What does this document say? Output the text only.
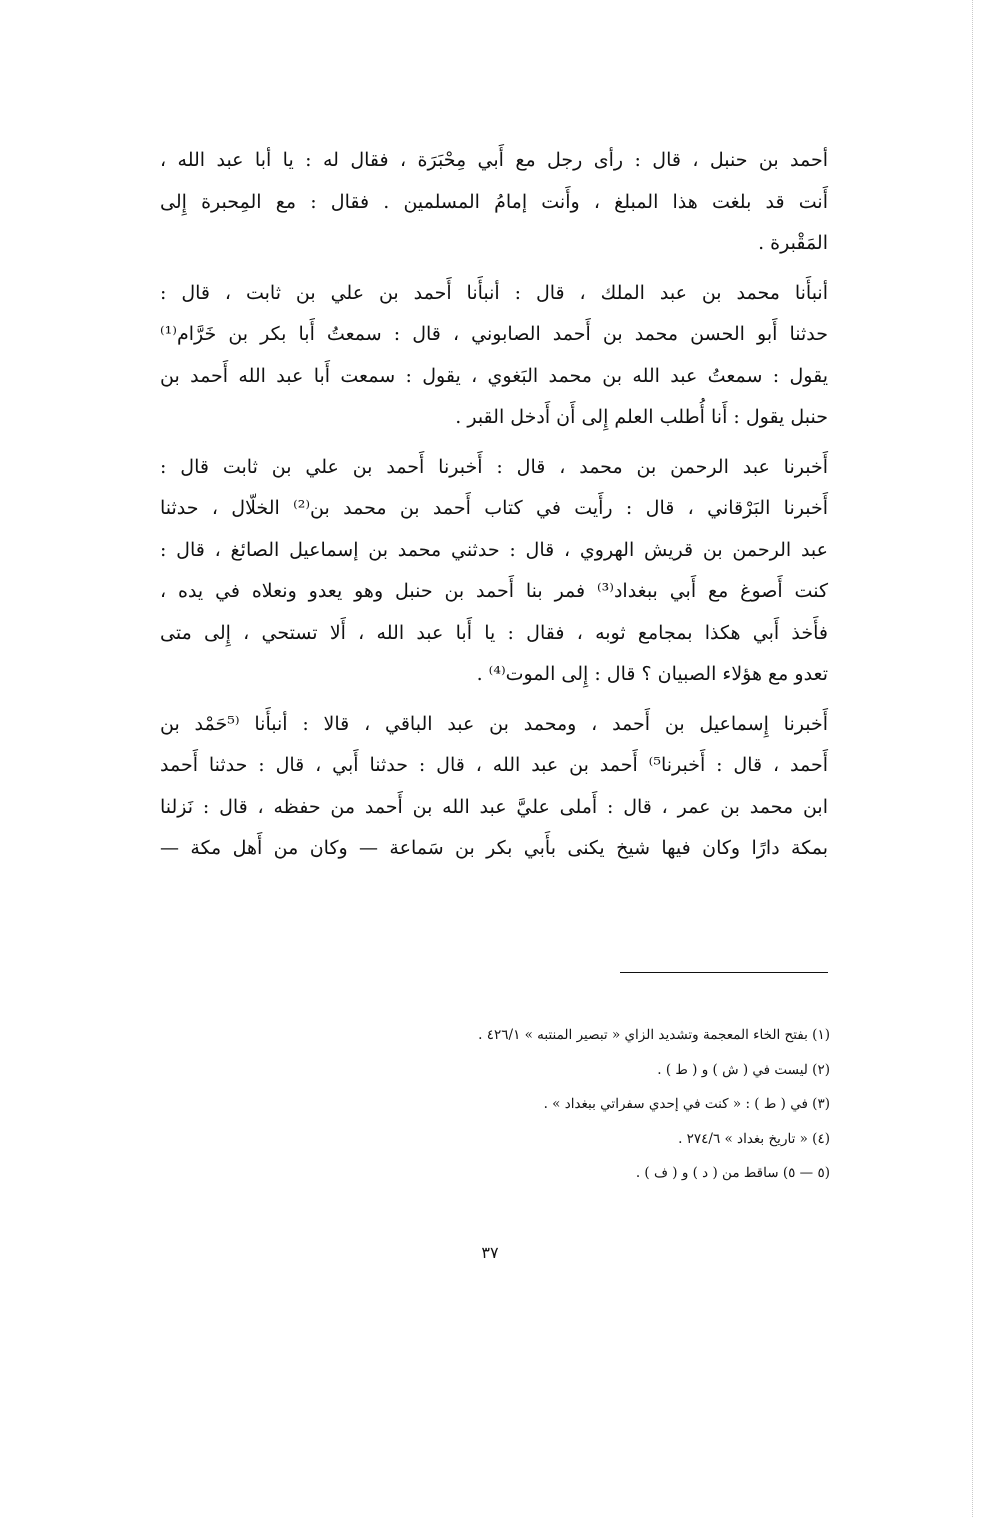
أحمد بن حنبل ، قال : رأى رجل مع أَبي مِحْبَرَة ، فقال له : يا أبا عبد الله ،
أَنت قد بلغت هذا المبلغ ، وأَنت إمامُ المسلمين . فقال : مع المِحبرة إِلى
المَقْبرة .

أنبأَنا محمد بن عبد الملك ، قال : أنبأَنا أَحمد بن علي بن ثابت ، قال :
حدثنا أَبو الحسن محمد بن أَحمد الصابوني ، قال : سمعتُ أَبا بكر بن خَرَّام⁽¹⁾
يقول : سمعتُ عبد الله بن محمد البَغوي ، يقول : سمعت أَبا عبد الله أَحمد بن
حنبل يقول : أَنا أُطلب العلم إِلى أَن أَدخل القبر .

أَخبرنا عبد الرحمن بن محمد ، قال : أَخبرنا أَحمد بن علي بن ثابت قال :
أَخبرنا البَرْقاني ، قال : رأَيت في كتاب أَحمد بن محمد بن⁽²⁾ الخلّال ، حدثنا
عبد الرحمن بن قريش الهروي ، قال : حدثني محمد بن إسماعيل الصائغ ، قال :
كنت أَصوغ مع أَبي ببغداد⁽³⁾ فمر بنا أَحمد بن حنبل وهو يعدو ونعلاه في يده ،
فأَخذ أَبي هكذا بمجامع ثوبه ، فقال : يا أَبا عبد الله ، أَلا تستحي ، إِلى متى
تعدو مع هؤلاء الصبيان ؟ قال : إِلى الموت⁽⁴⁾ .

أَخبرنا إِسماعيل بن أَحمد ، ومحمد بن عبد الباقي ، قالا : أنبأَنا ⁽⁵حَمْد بن
أَحمد ، قال : أَخبرنا⁵⁾ أَحمد بن عبد الله ، قال : حدثنا أَبي ، قال : حدثنا أَحمد
ابن محمد بن عمر ، قال : أَملى عليَّ عبد الله بن أَحمد من حفظه ، قال : نَزلنا
بمكة دارًا وكان فيها شيخ يكنى بأَبي بكر بن سَماعة — وكان من أَهل مكة —

(١) بفتح الخاء المعجمة وتشديد الزاي « تبصير المنتبه » ٤٢٦/١ .
(٢) ليست في ( ش ) و ( ط ) .
(٣) في ( ط ) : « كنت في إحدي سفراتي ببغداد » .
(٤) « تاريخ بغداد » ٢٧٤/٦ .
(٥ — ٥) ساقط من ( د ) و ( ف ) .
٣٧
